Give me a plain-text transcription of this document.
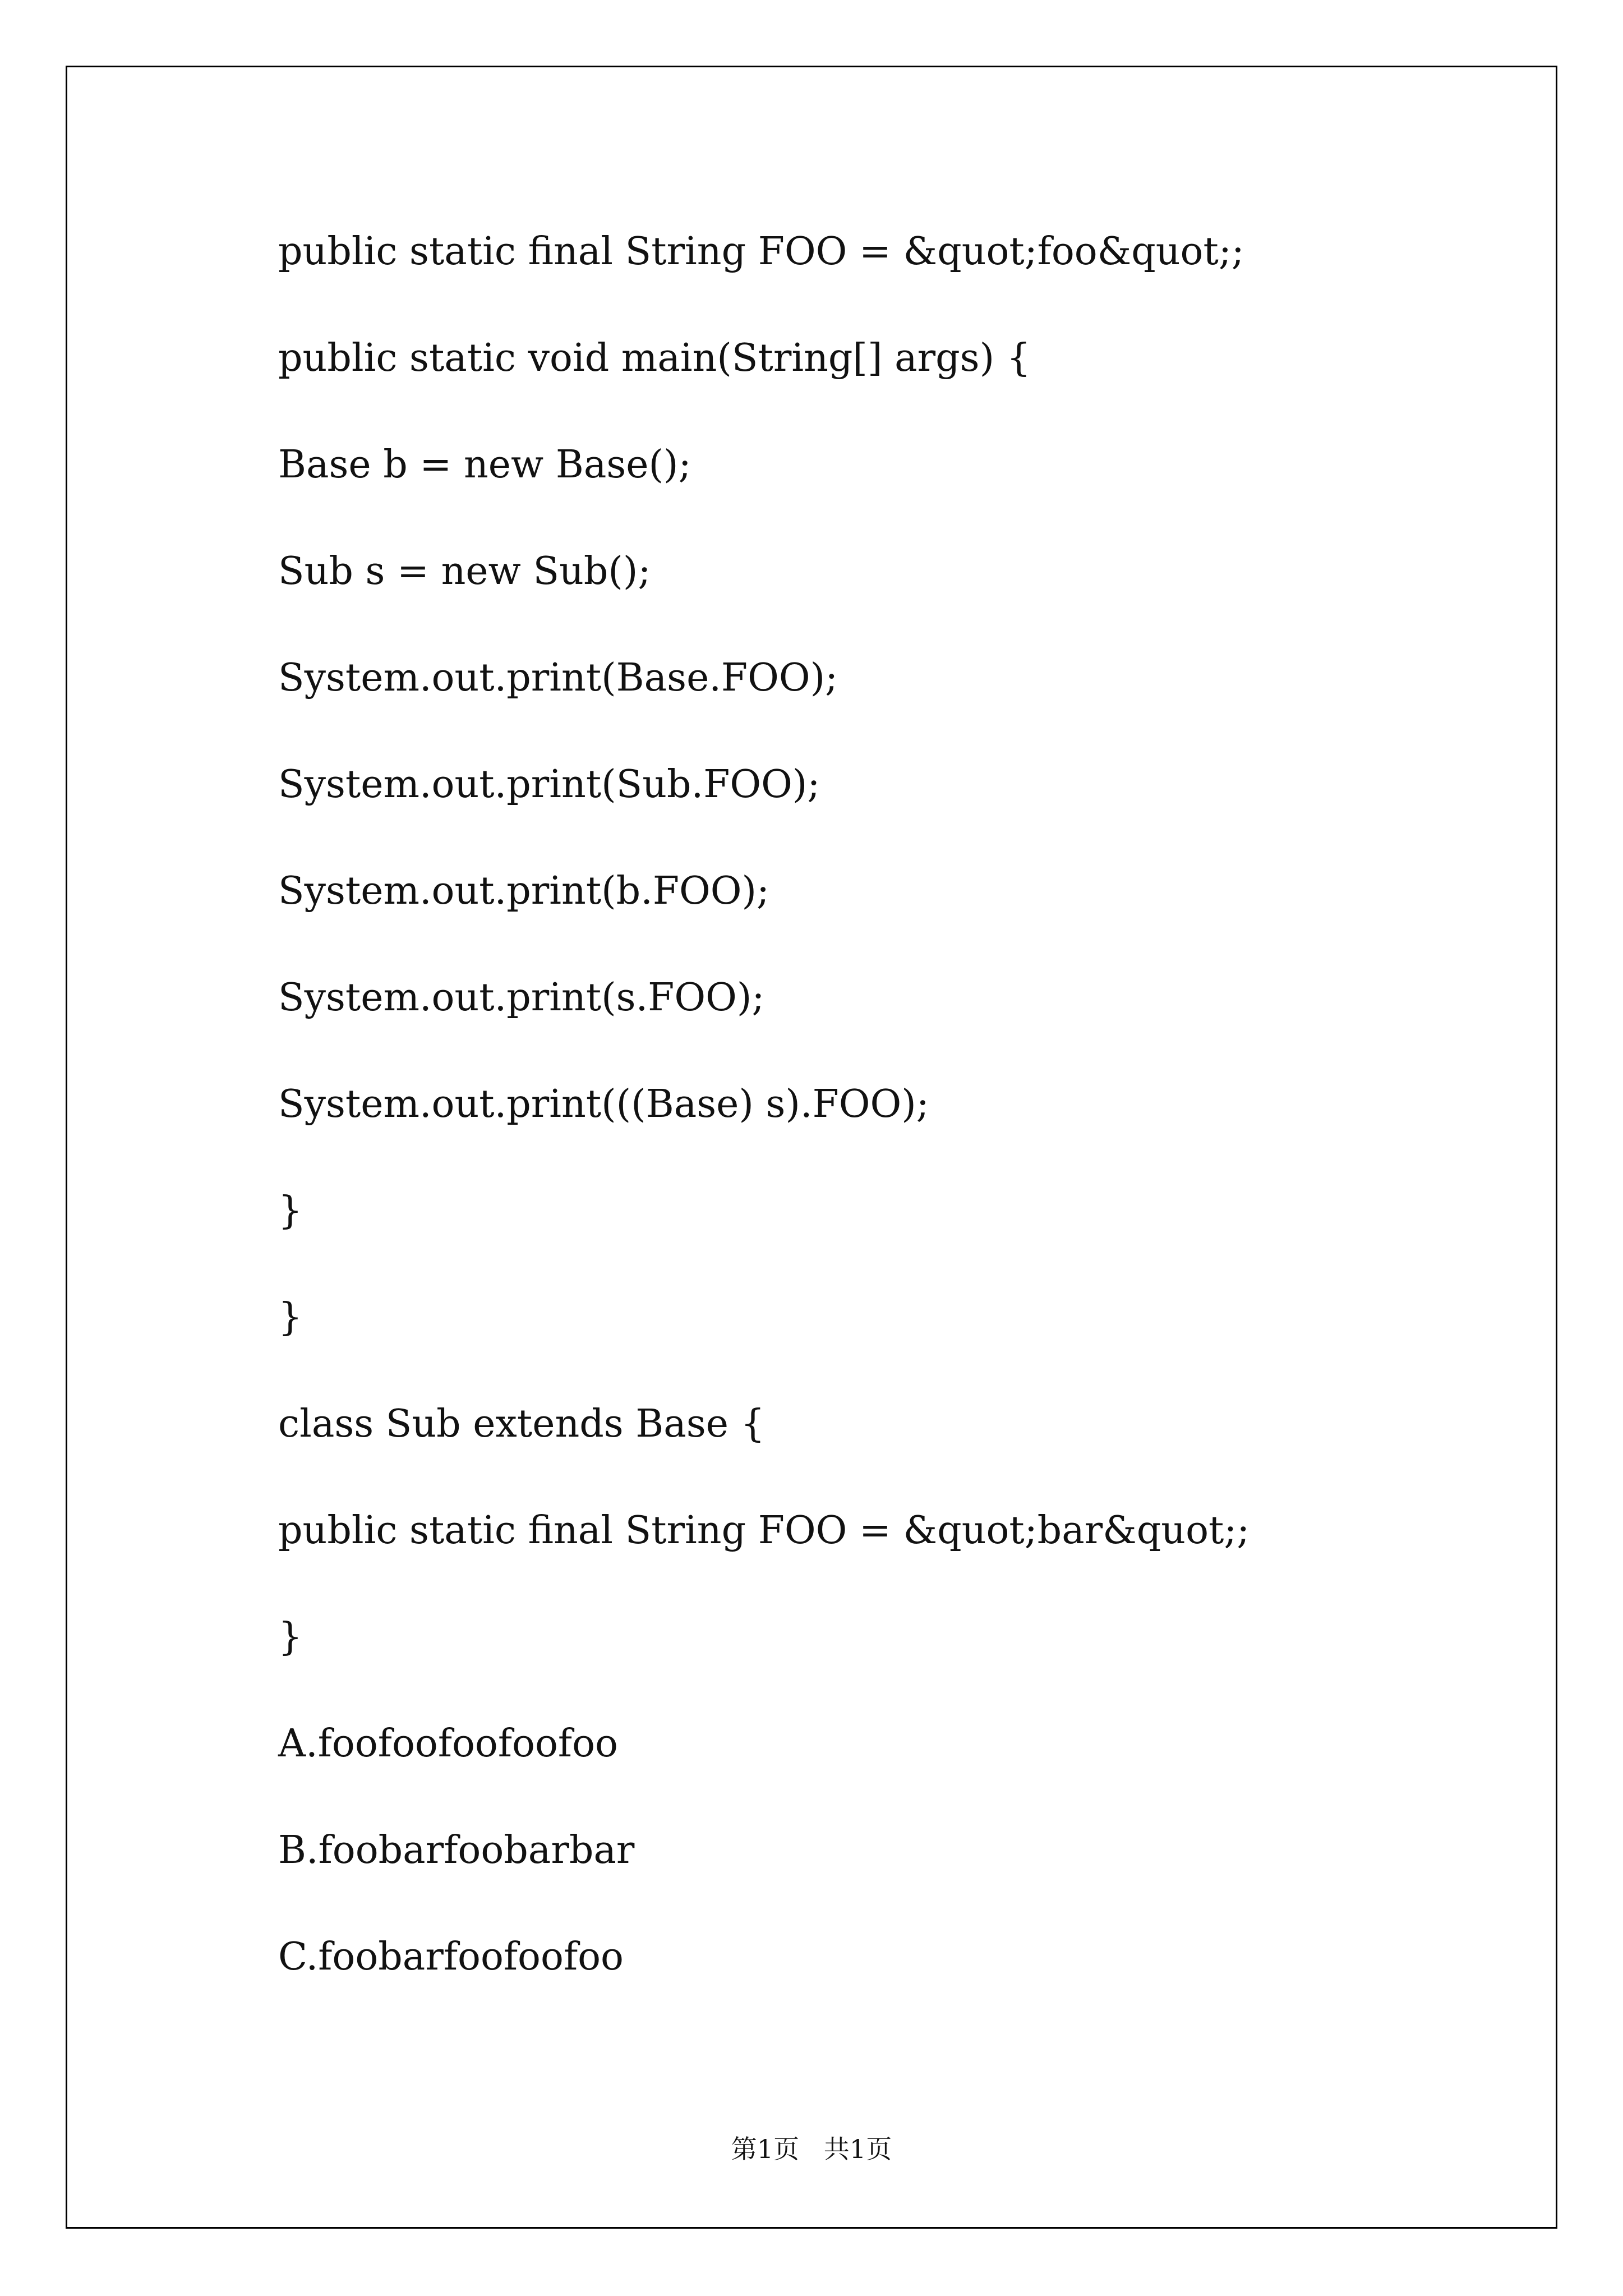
public static final String FOO = &quot;foo&quot;;
public static void main(String[] args) {
Base b = new Base();
Sub s = new Sub();
System.out.print(Base.FOO);
System.out.print(Sub.FOO);
System.out.print(b.FOO);
System.out.print(s.FOO);
System.out.print(((Base) s).FOO);
}
}
class Sub extends Base {
public static final String FOO = &quot;bar&quot;;
}
A.foofoofoofoofoo
B.foobarfoobarbar
C.foobarfoofoofoo
第1页   共1页
